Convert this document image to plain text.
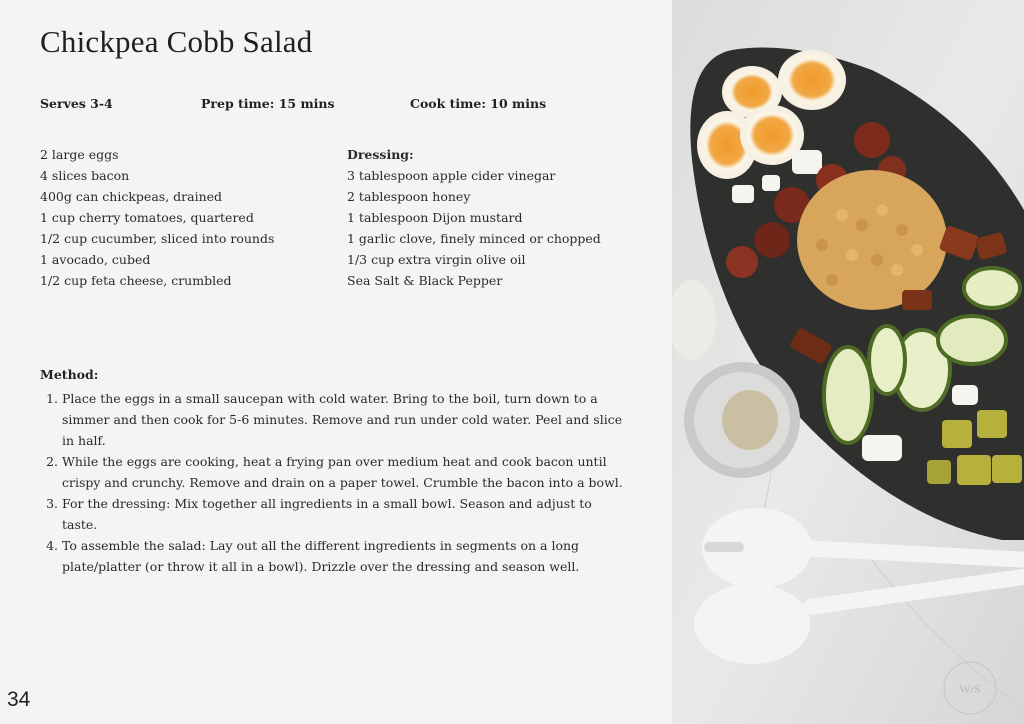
Chickpea Cobb Salad
Serves 3-4	Prep time: 15 mins	Cook time: 10 mins
2 large eggs
4 slices bacon
400g can chickpeas, drained
1 cup cherry tomatoes, quartered
1/2 cup cucumber, sliced into rounds
1 avocado, cubed
1/2 cup feta cheese, crumbled
Dressing:
3 tablespoon apple cider vinegar
2 tablespoon honey
1 tablespoon Dijon mustard
1 garlic clove, finely minced or chopped
1/3 cup extra virgin olive oil
Sea Salt & Black Pepper
Method:
1. Place the eggs in a small saucepan with cold water. Bring to the boil, turn down to a simmer and then cook for 5-6 minutes. Remove and run under cold water. Peel and slice in half.
2. While the eggs are cooking, heat a frying pan over medium heat and cook bacon until crispy and crunchy. Remove and drain on a paper towel. Crumble the bacon into a bowl.
3. For the dressing: Mix together all ingredients in a small bowl. Season and adjust to taste.
4. To assemble the salad: Lay out all the different ingredients in segments on a long plate/platter (or throw it all in a bowl). Drizzle over the dressing and season well.
34	W/S
